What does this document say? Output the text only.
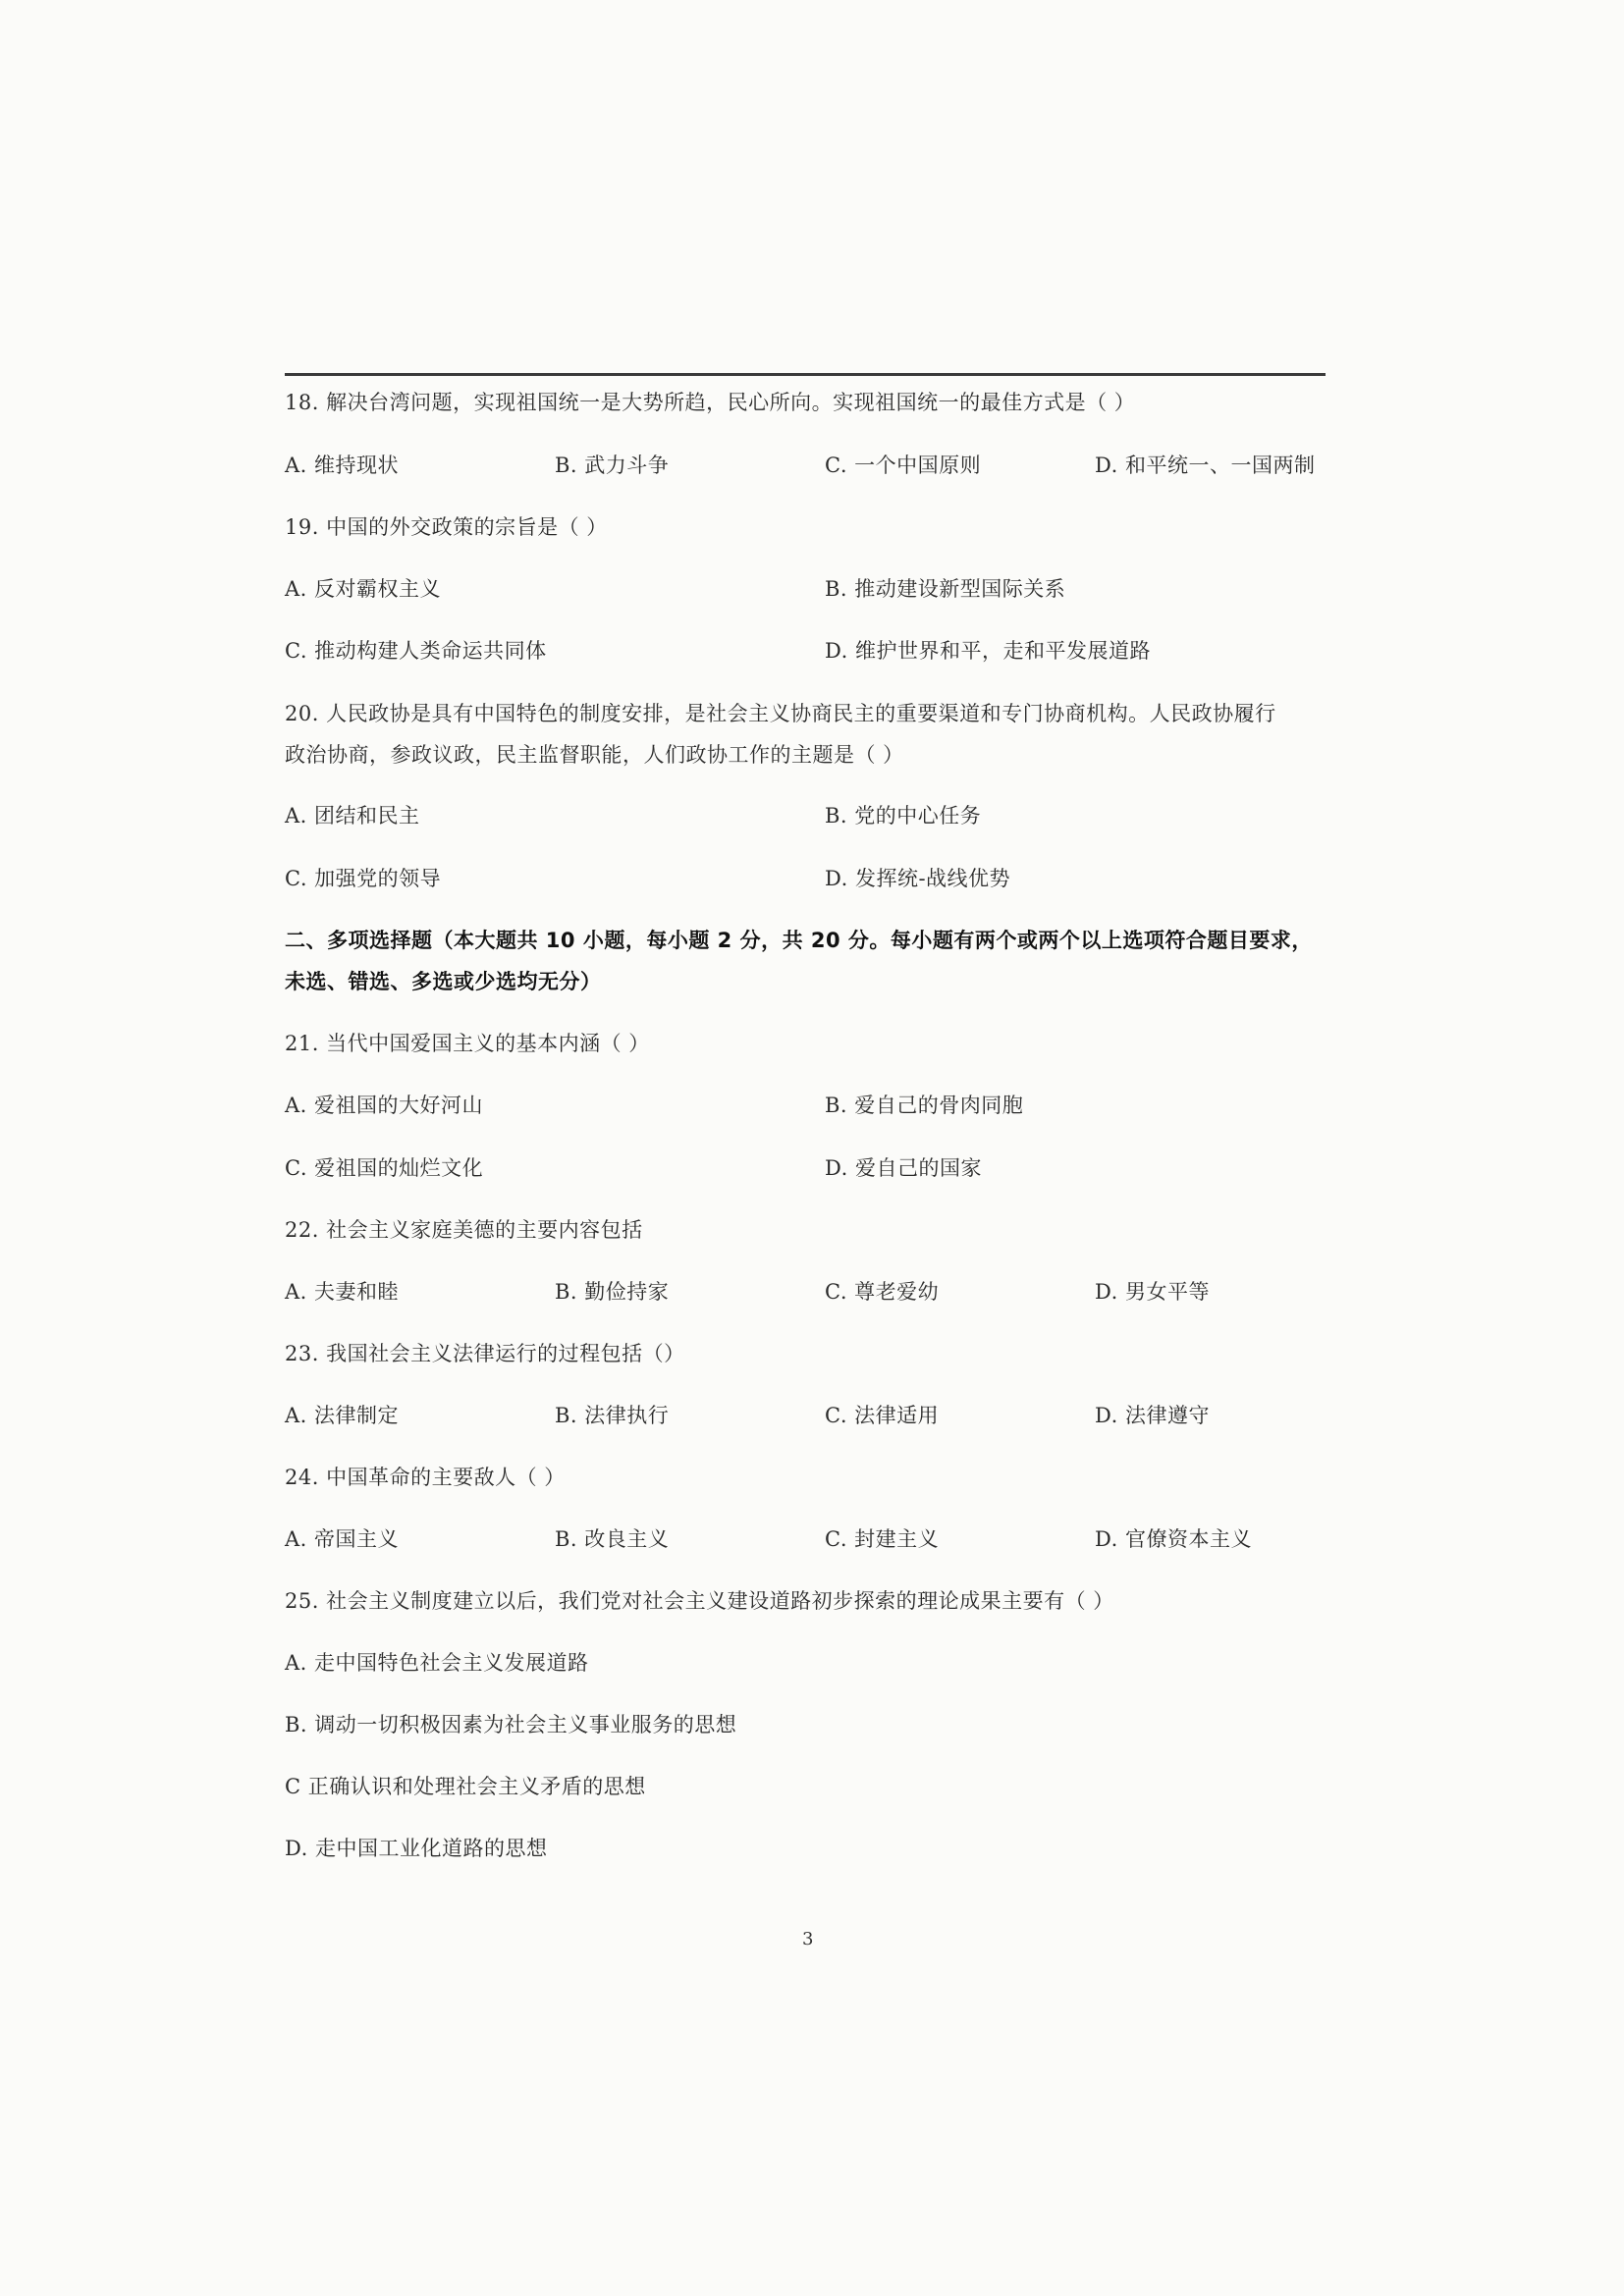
18. 解决台湾问题，实现祖国统一是大势所趋，民心所向。实现祖国统一的最佳方式是（ ）
A. 维持现状	B. 武力斗争	C. 一个中国原则	D. 和平统一、一国两制
19. 中国的外交政策的宗旨是（ ）
A. 反对霸权主义	B. 推动建设新型国际关系
C. 推动构建人类命运共同体	D. 维护世界和平，走和平发展道路
20. 人民政协是具有中国特色的制度安排，是社会主义协商民主的重要渠道和专门协商机构。人民政协履行
政治协商，参政议政，民主监督职能，人们政协工作的主题是（ ）
A. 团结和民主	B. 党的中心任务
C. 加强党的领导	D. 发挥统-战线优势
二、多项选择题（本大题共 10 小题，每小题 2 分，共 20 分。每小题有两个或两个以上选项符合题目要求，
未选、错选、多选或少选均无分）
21. 当代中国爱国主义的基本内涵（ ）
A. 爱祖国的大好河山	B. 爱自己的骨肉同胞
C. 爱祖国的灿烂文化	D. 爱自己的国家
22. 社会主义家庭美德的主要内容包括
A. 夫妻和睦	B. 勤俭持家	C. 尊老爱幼	D. 男女平等
23. 我国社会主义法律运行的过程包括（）
A. 法律制定	B. 法律执行	C. 法律适用	D. 法律遵守
24. 中国革命的主要敌人（ ）
A. 帝国主义	B. 改良主义	C. 封建主义	D. 官僚资本主义
25. 社会主义制度建立以后，我们党对社会主义建设道路初步探索的理论成果主要有（ ）
A. 走中国特色社会主义发展道路
B. 调动一切积极因素为社会主义事业服务的思想
C 正确认识和处理社会主义矛盾的思想
D. 走中国工业化道路的思想
3
